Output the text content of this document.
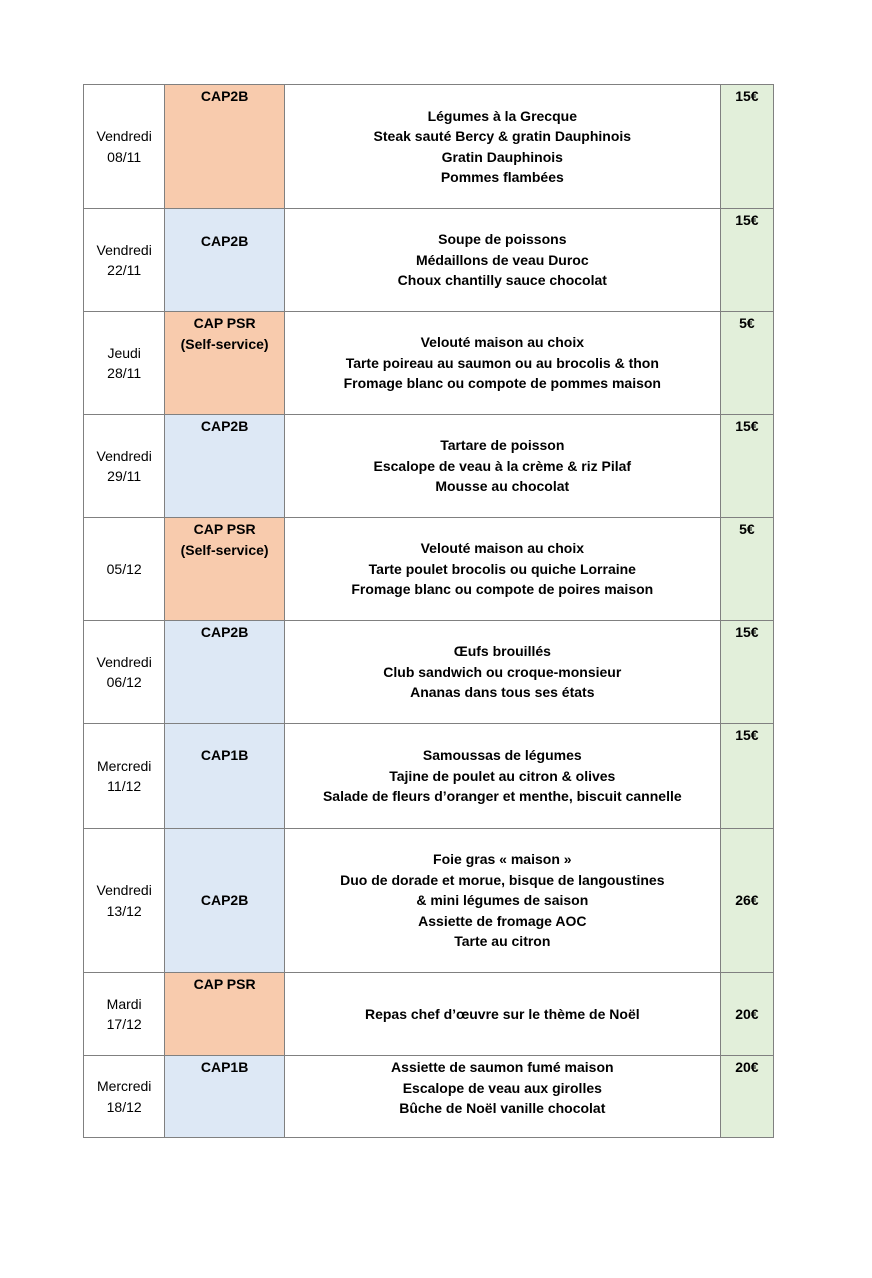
Vendredi
08/11	CAP2B	Légumes à la Grecque
Steak sauté Bercy & gratin Dauphinois
Gratin Dauphinois
Pommes flambées	15€

Vendredi
22/11	CAP2B	Soupe de poissons
Médaillons de veau Duroc
Choux chantilly sauce chocolat	15€

Jeudi
28/11	CAP PSR
(Self-service)	Velouté maison au choix
Tarte poireau au saumon ou au brocolis & thon
Fromage blanc ou compote de pommes maison	5€

Vendredi
29/11	CAP2B	Tartare de poisson
Escalope de veau à la crème & riz Pilaf
Mousse au chocolat	15€

05/12	CAP PSR
(Self-service)	Velouté maison au choix
Tarte poulet brocolis ou quiche Lorraine
Fromage blanc ou compote de poires maison	5€

Vendredi
06/12	CAP2B	Œufs brouillés
Club sandwich ou croque-monsieur
Ananas dans tous ses états	15€

Mercredi
11/12	CAP1B	Samoussas de légumes
Tajine de poulet au citron & olives
Salade de fleurs d’oranger et menthe, biscuit cannelle	15€

Vendredi
13/12	CAP2B	Foie gras « maison »
Duo de dorade et morue, bisque de langoustines
& mini légumes de saison
Assiette de fromage AOC
Tarte au citron	26€

Mardi
17/12	CAP PSR	Repas chef d’œuvre sur le thème de Noël	20€

Mercredi
18/12	CAP1B	Assiette de saumon fumé maison
Escalope de veau aux girolles
Bûche de Noël vanille chocolat	20€
